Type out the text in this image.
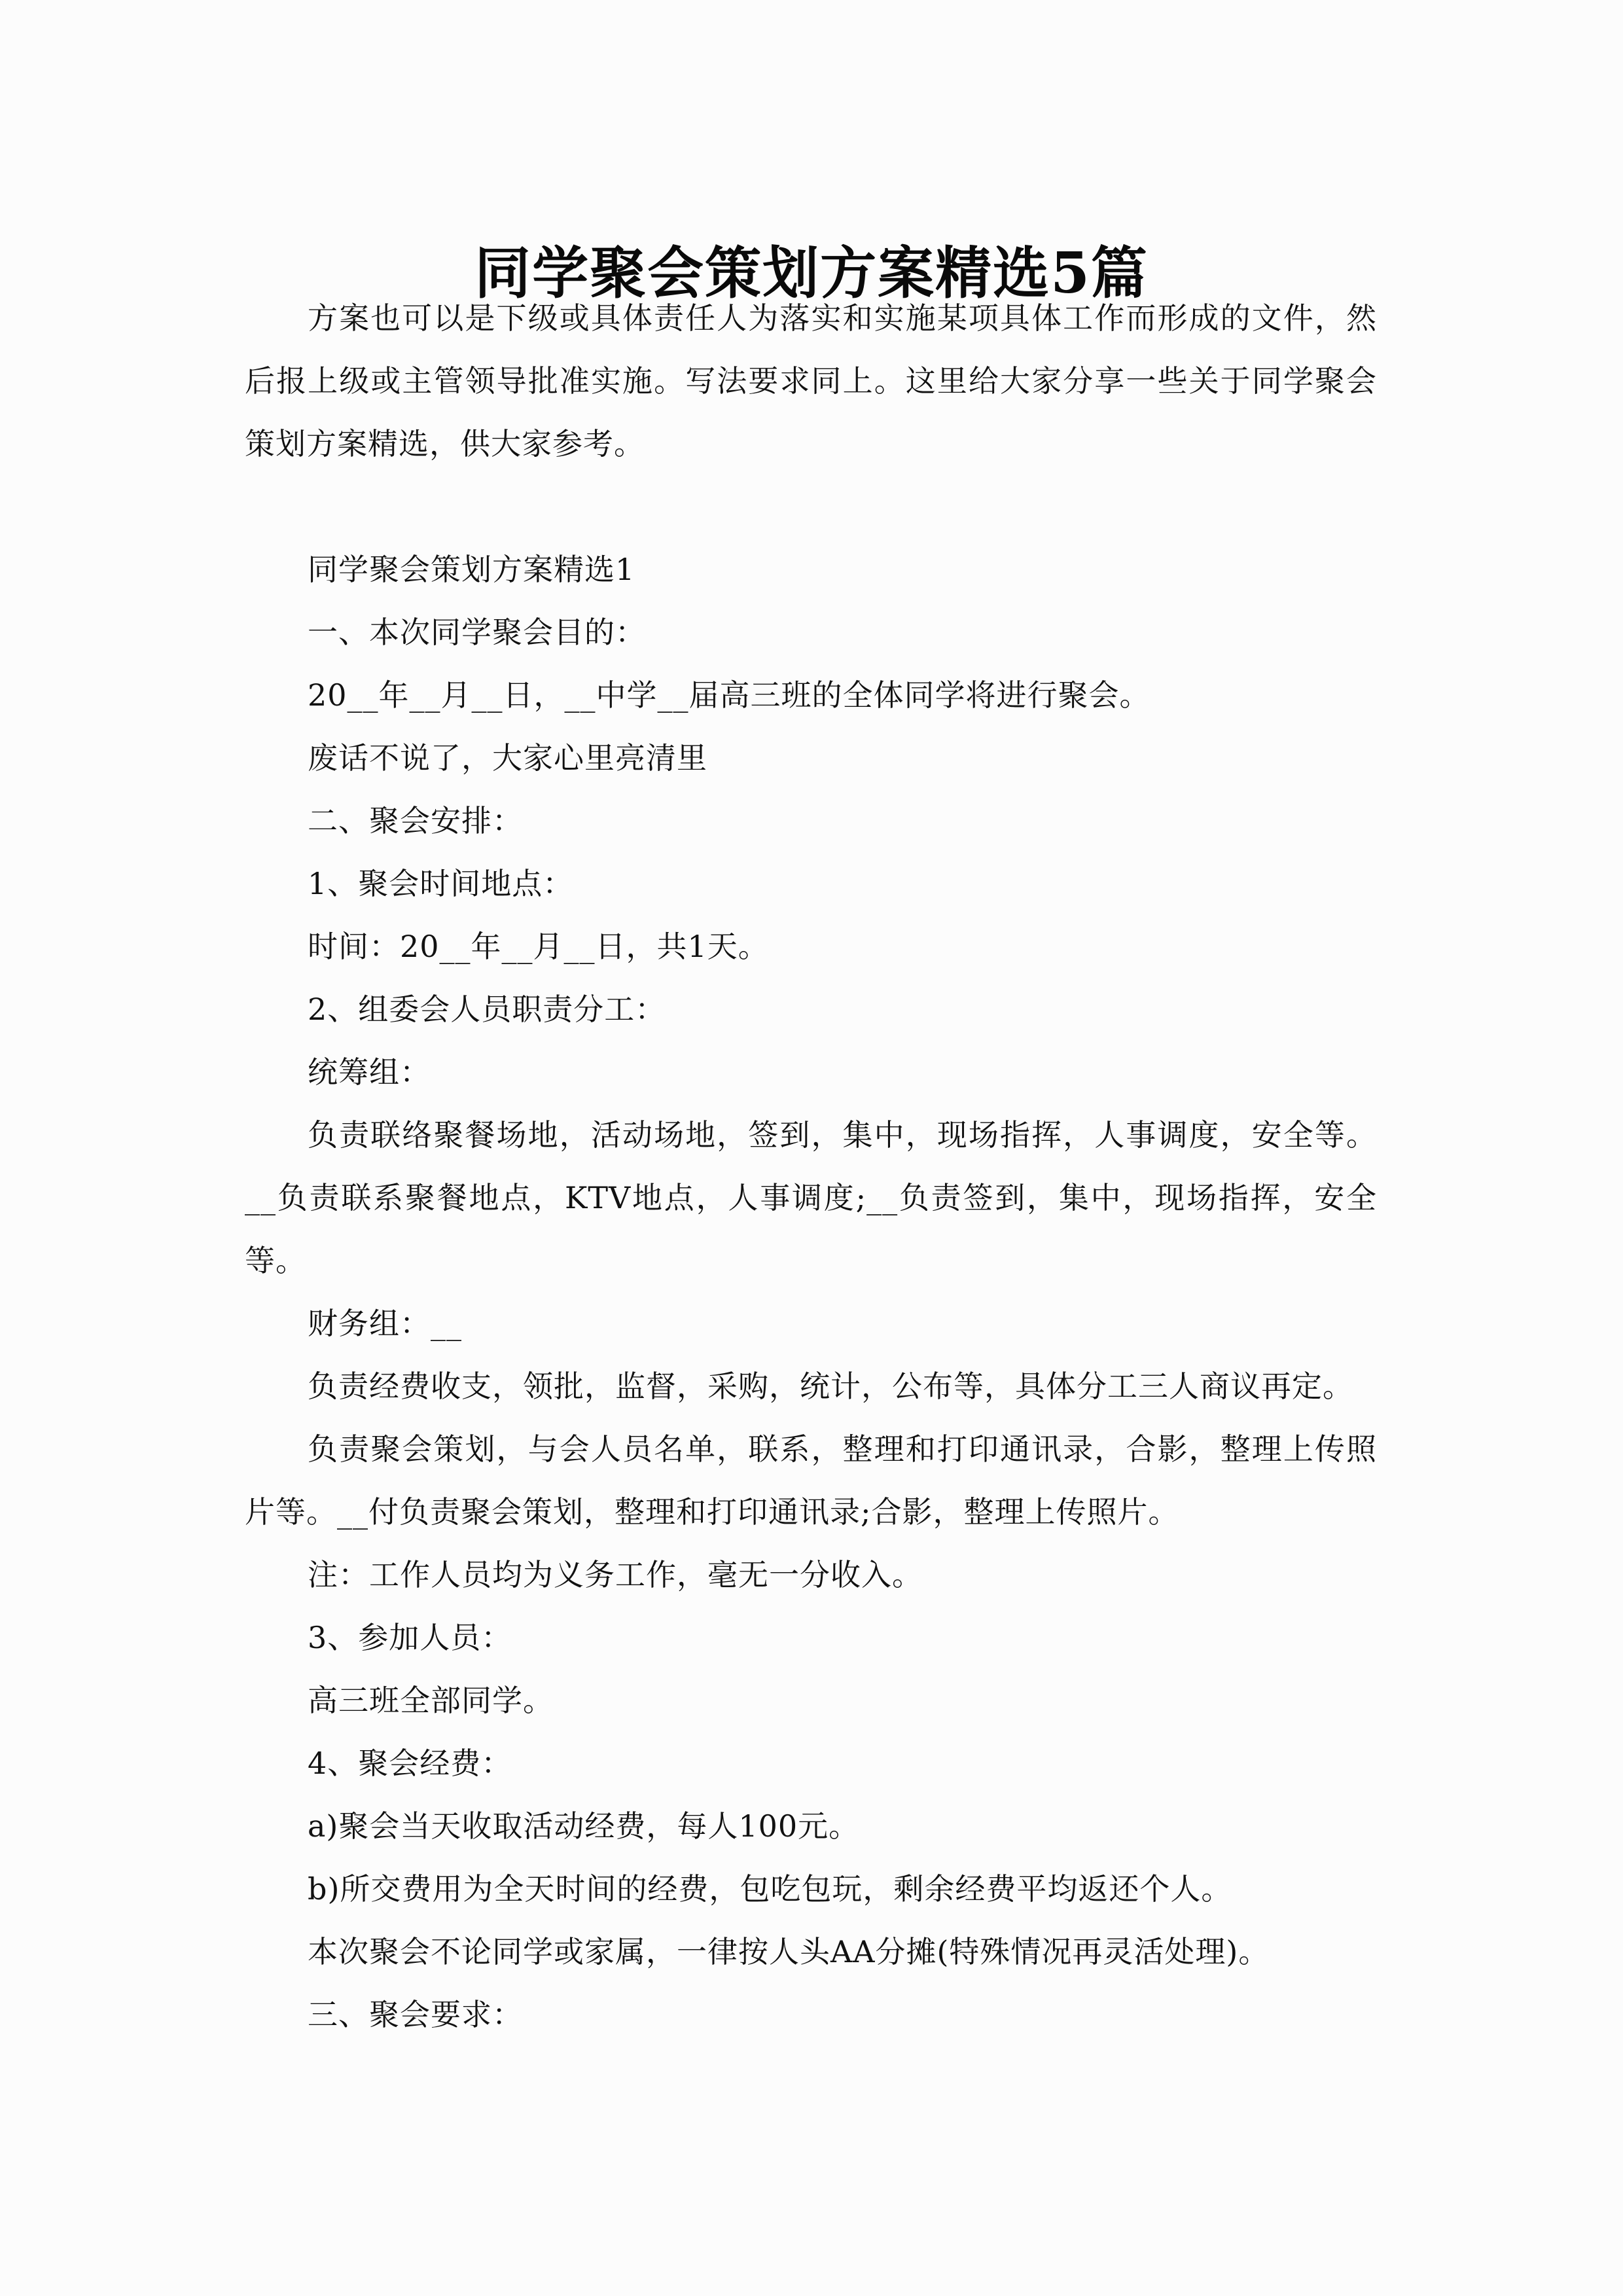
同学聚会策划方案精选5篇

方案也可以是下级或具体责任人为落实和实施某项具体工作而形成的文件，然后报上级或主管领导批准实施。写法要求同上。这里给大家分享一些关于同学聚会策划方案精选，供大家参考。

同学聚会策划方案精选1

一、本次同学聚会目的：

20__年__月__日，__中学__届高三班的全体同学将进行聚会。

废话不说了，大家心里亮清里

二、聚会安排：

1、聚会时间地点：

时间：20__年__月__日，共1天。

2、组委会人员职责分工：

统筹组：

负责联络聚餐场地，活动场地，签到，集中，现场指挥，人事调度，安全等。__负责联系聚餐地点，KTV地点，人事调度;__负责签到，集中，现场指挥，安全等。

财务组：__

负责经费收支，领批，监督，采购，统计，公布等，具体分工三人商议再定。

负责聚会策划，与会人员名单，联系，整理和打印通讯录，合影，整理上传照片等。__付负责聚会策划，整理和打印通讯录;合影，整理上传照片。

注：工作人员均为义务工作，毫无一分收入。

3、参加人员：

高三班全部同学。

4、聚会经费：

a)聚会当天收取活动经费，每人100元。

b)所交费用为全天时间的经费，包吃包玩，剩余经费平均返还个人。

本次聚会不论同学或家属，一律按人头AA分摊(特殊情况再灵活处理)。

三、聚会要求：
